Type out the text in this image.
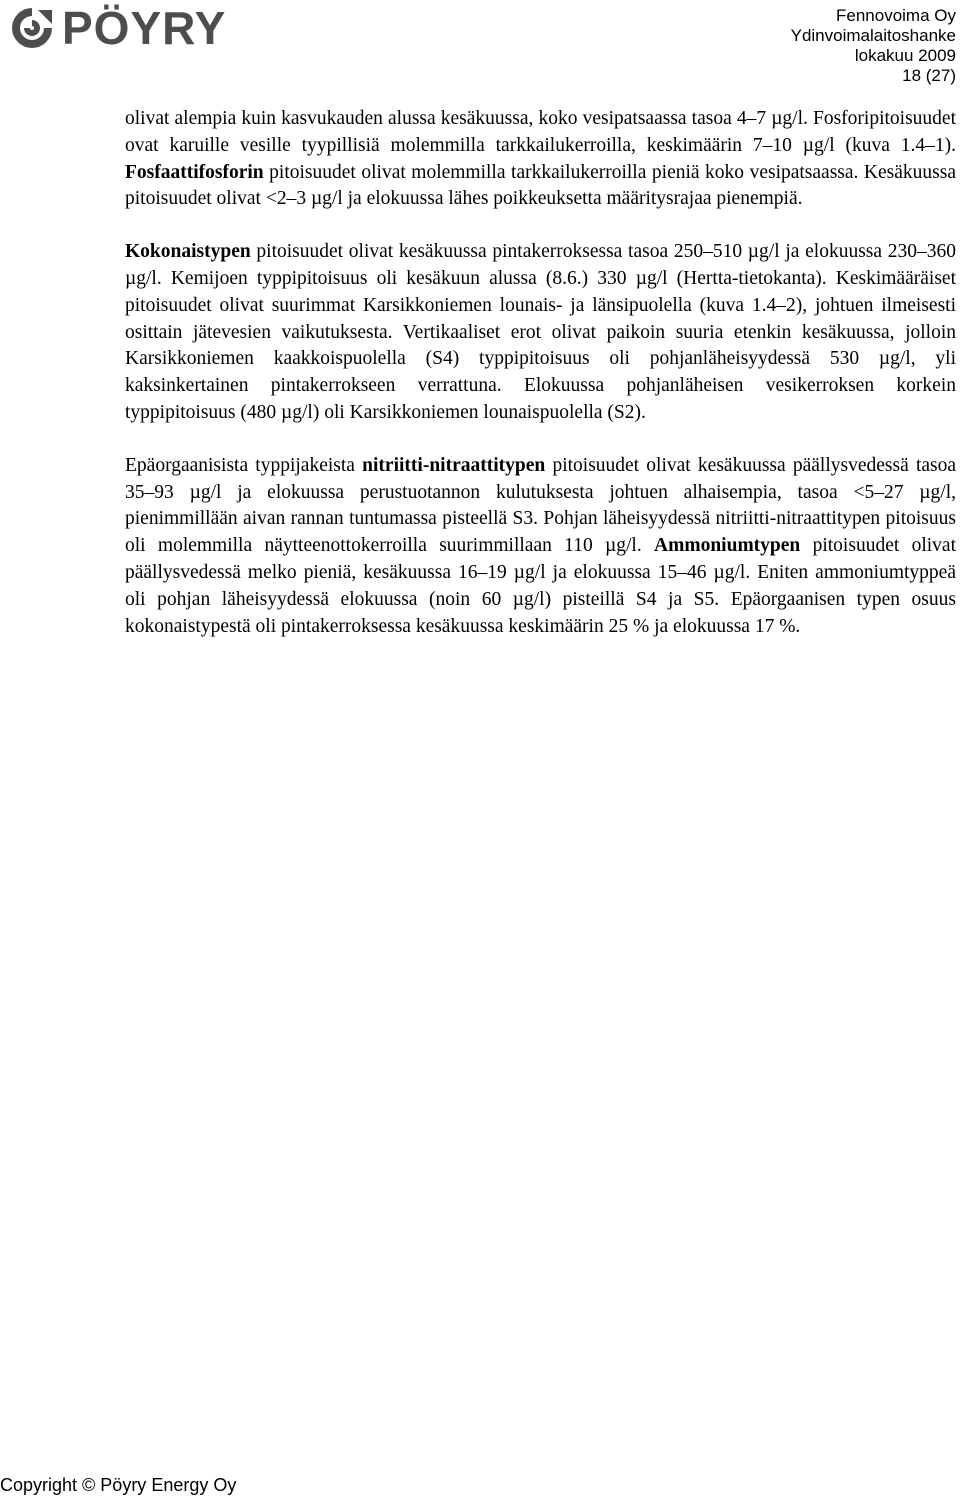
PÖYRY	Fennovoima Oy
Ydinvoimalaitoshanke
lokakuu 2009
18 (27)

olivat alempia kuin kasvukauden alussa kesäkuussa, koko vesipatsaassa tasoa 4–7 µg/l. Fosforipitoisuudet ovat karuille vesille tyypillisiä molemmilla tarkkailukerroilla, keskimäärin 7–10 µg/l (kuva 1.4–1). Fosfaattifosforin pitoisuudet olivat molemmilla tarkkailukerroilla pieniä koko vesipatsaassa. Kesäkuussa pitoisuudet olivat <2–3 µg/l ja elokuussa lähes poikkeuksetta määritysrajaa pienempiä.

Kokonaistypen pitoisuudet olivat kesäkuussa pintakerroksessa tasoa 250–510 µg/l ja elokuussa 230–360 µg/l. Kemijoen typpipitoisuus oli kesäkuun alussa (8.6.) 330 µg/l (Hertta-tietokanta). Keskimääräiset pitoisuudet olivat suurimmat Karsikkoniemen lounais- ja länsipuolella (kuva 1.4–2), johtuen ilmeisesti osittain jätevesien vaikutuksesta. Vertikaaliset erot olivat paikoin suuria etenkin kesäkuussa, jolloin Karsikkoniemen kaakkoispuolella (S4) typpipitoisuus oli pohjanläheisyydessä 530 µg/l, yli kaksinkertainen pintakerrokseen verrattuna. Elokuussa pohjanläheisen vesikerroksen korkein typpipitoisuus (480 µg/l) oli Karsikkoniemen lounaispuolella (S2).

Epäorgaanisista typpijakeista nitriitti-nitraattitypen pitoisuudet olivat kesäkuussa päällysvedessä tasoa 35–93 µg/l ja elokuussa perustuotannon kulutuksesta johtuen alhaisempia, tasoa <5–27 µg/l, pienimmillään aivan rannan tuntumassa pisteellä S3. Pohjan läheisyydessä nitriitti-nitraattitypen pitoisuus oli molemmilla näytteenottokerroilla suurimmillaan 110 µg/l. Ammoniumtypen pitoisuudet olivat päällysvedessä melko pieniä, kesäkuussa 16–19 µg/l ja elokuussa 15–46 µg/l. Eniten ammoniumtyppeä oli pohjan läheisyydessä elokuussa (noin 60 µg/l) pisteillä S4 ja S5. Epäorgaanisen typen osuus kokonaistypestä oli pintakerroksessa kesäkuussa keskimäärin 25 % ja elokuussa 17 %.

Copyright © Pöyry Energy Oy
